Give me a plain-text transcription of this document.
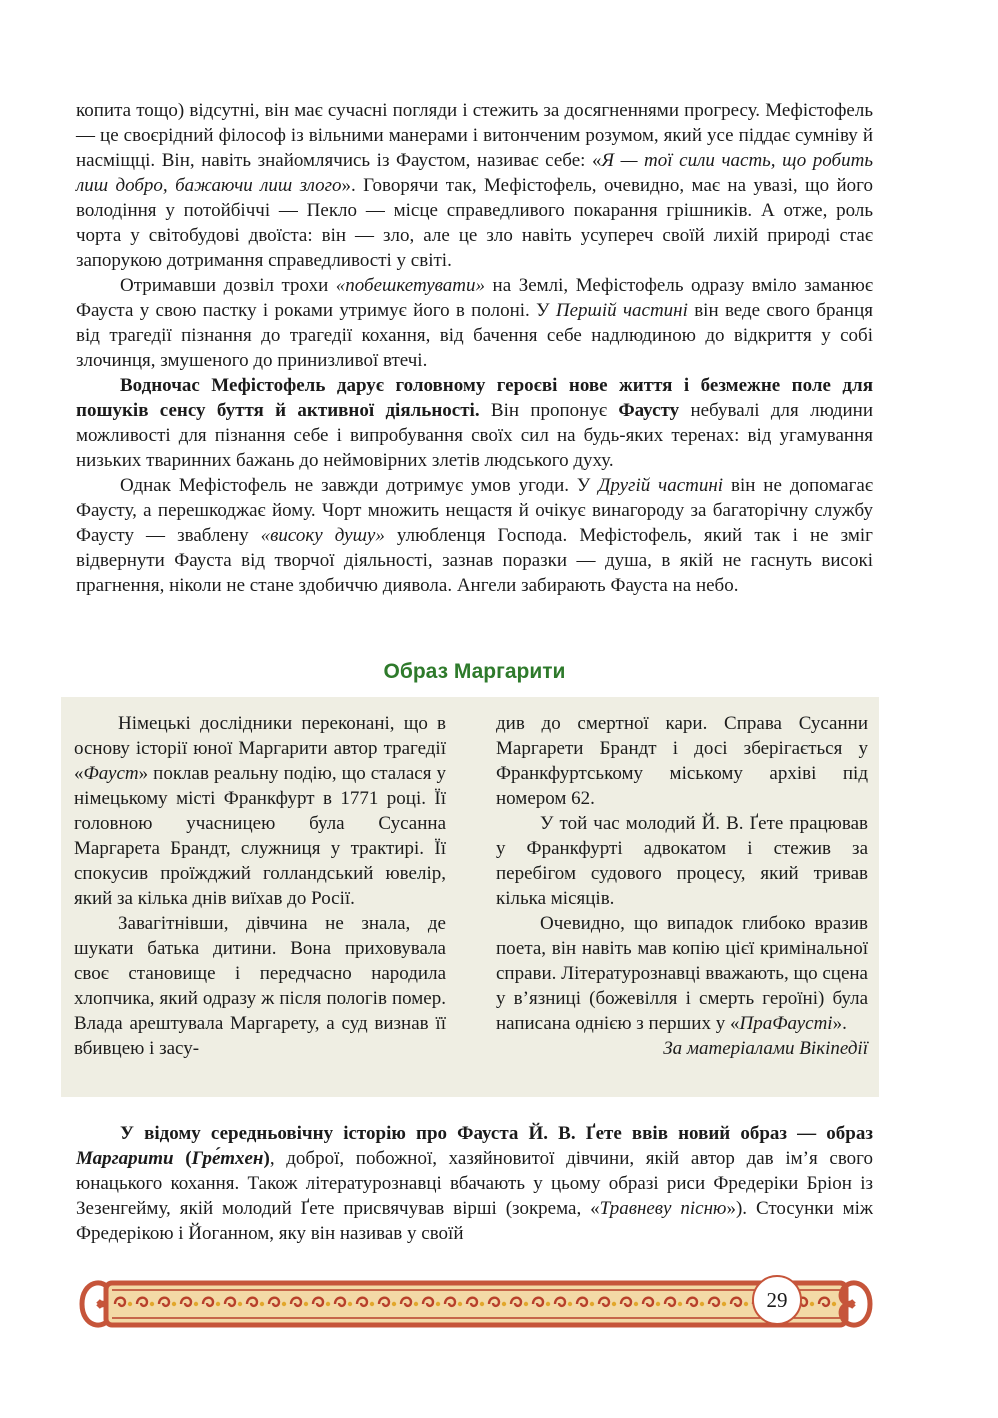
копита тощо) відсутні, він має сучасні погляди і стежить за досягненнями прогресу. Мефістофель — це своєрідний філософ із вільними манерами і витонченим розумом, який усе піддає сумніву й насміщці. Він, навіть знайомлячись із Фаустом, називає себе: «Я — тої сили часть, що робить лиш добро, бажаючи лиш злого». Говорячи так, Мефістофель, очевидно, має на увазі, що його володіння у потойбіччі — Пекло — місце справедливого покарання грішників. А отже, роль чорта у світобудові двоїста: він — зло, але це зло навіть усупереч своїй лихій природі стає запорукою дотримання справедливості у світі.

Отримавши дозвіл трохи «побешкетувати» на Землі, Мефістофель одразу вміло заманює Фауста у свою пастку і роками утримує його в полоні. У Першій частині він веде свого бранця від трагедії пізнання до трагедії кохання, від бачення себе надлюдиною до відкриття у собі злочинця, змушеного до принизливої втечі.

Водночас Мефістофель дарує головному героєві нове життя і безмежне поле для пошуків сенсу буття й активної діяльності. Він пропонує Фаусту небувалі для людини можливості для пізнання себе і випробування своїх сил на будь-яких теренах: від угамування низьких тваринних бажань до неймовірних злетів людського духу.

Однак Мефістофель не завжди дотримує умов угоди. У Другій частині він не допомагає Фаусту, а перешкоджає йому. Чорт множить нещастя й очікує винагороду за багаторічну службу Фаусту — зваблену «високу душу» улюбленця Господа. Мефістофель, який так і не зміг відвернути Фауста від творчої діяльності, зазнав поразки — душа, в якій не гаснуть високі прагнення, ніколи не стане здобиччю диявола. Ангели забирають Фауста на небо.

Образ Маргарити

Німецькі дослідники переконані, що в основу історії юної Маргарити автор трагедії «Фауст» поклав реальну подію, що сталася у німецькому місті Франкфурт в 1771 році. Її головною учасницею була Сусанна Маргарета Брандт, служниця у трактирі. Її спокусив проїжджий голландський ювелір, який за кілька днів виїхав до Росії.

Завагітнівши, дівчина не знала, де шукати батька дитини. Вона приховувала своє становище і передчасно народила хлопчика, який одразу ж після пологів помер. Влада арештувала Маргарету, а суд визнав її вбивцею і засу-

див до смертної кари. Справа Сусанни Маргарети Брандт і досі зберігається у Франкфуртському міському архіві під номером 62.

У той час молодий Й. В. Ґете працював у Франкфурті адвокатом і стежив за перебігом судового процесу, який тривав кілька місяців.

Очевидно, що випадок глибоко вразив поета, він навіть мав копію цієї кримінальної справи. Літературознавці вважають, що сцена у в’язниці (божевілля і смерть героїні) була написана однією з перших у «ПраФаусті».

За матеріалами Вікіпедії

У відому середньовічну історію про Фауста Й. В. Ґете ввів новий образ — образ Маргарити (Гре́тхен), доброї, побожної, хазяйновитої дівчини, якій автор дав ім’я свого юнацького кохання. Також літературознавці вбачають у цьому образі риси Фредеріки Бріон із Зезенгейму, якій молодий Ґете присвячував вірші (зокрема, «Травневу пісню»). Стосунки між Фредерікою і Йоганном, яку він називав у своїй

29
